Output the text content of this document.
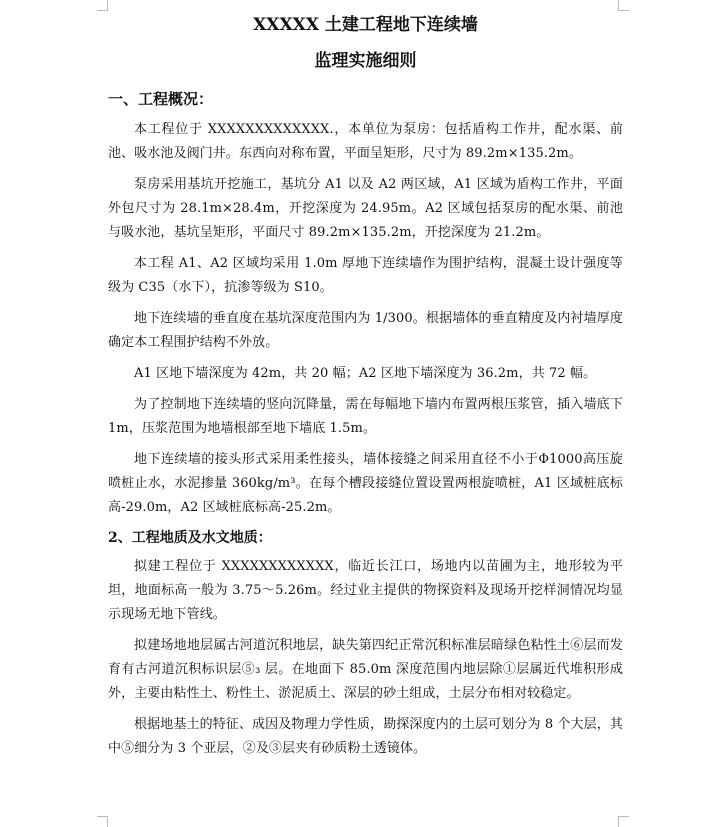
XXXXX 土建工程地下连续墙
监理实施细则
一、工程概况：

本工程位于 XXXXXXXXXXXXX.，本单位为泵房：包括盾构工作井，配水渠、前池、吸水池及阀门井。东西向对称布置，平面呈矩形，尺寸为 89.2m×135.2m。

泵房采用基坑开挖施工，基坑分 A1 以及 A2 两区域，A1 区域为盾构工作井，平面外包尺寸为 28.1m×28.4m，开挖深度为 24.95m。A2 区域包括泵房的配水渠、前池与吸水池，基坑呈矩形，平面尺寸 89.2m×135.2m，开挖深度为 21.2m。

本工程 A1、A2 区域均采用 1.0m 厚地下连续墙作为围护结构，混凝土设计强度等级为 C35（水下），抗渗等级为 S10。

地下连续墙的垂直度在基坑深度范围内为 1/300。根据墙体的垂直精度及内衬墙厚度确定本工程围护结构不外放。

A1 区地下墙深度为 42m，共 20 幅；A2 区地下墙深度为 36.2m，共 72 幅。

为了控制地下连续墙的竖向沉降量，需在每幅地下墙内布置两根压浆管，插入墙底下 1m，压浆范围为地墙根部至地下墙底 1.5m。

地下连续墙的接头形式采用柔性接头，墙体接缝之间采用直径不小于Φ1000高压旋喷桩止水，水泥掺量 360kg/m³。在每个槽段接缝位置设置两根旋喷桩，A1 区域桩底标高-29.0m，A2 区域桩底标高-25.2m。

2、工程地质及水文地质：

拟建工程位于 XXXXXXXXXXXX，临近长江口，场地内以苗圃为主，地形较为平坦，地面标高一般为 3.75～5.26m。经过业主提供的物探资料及现场开挖样洞情况均显示现场无地下管线。

拟建场地地层属古河道沉积地层，缺失第四纪正常沉积标准层暗绿色粘性土⑥层而发育有古河道沉积标识层⑤₃ 层。在地面下 85.0m 深度范围内地层除①层属近代堆积形成外，主要由粘性土、粉性土、淤泥质土、深层的砂土组成，土层分布相对较稳定。

根据地基土的特征、成因及物理力学性质，勘探深度内的土层可划分为 8 个大层，其中⑤细分为 3 个亚层，②及③层夹有砂质粉土透镜体。
